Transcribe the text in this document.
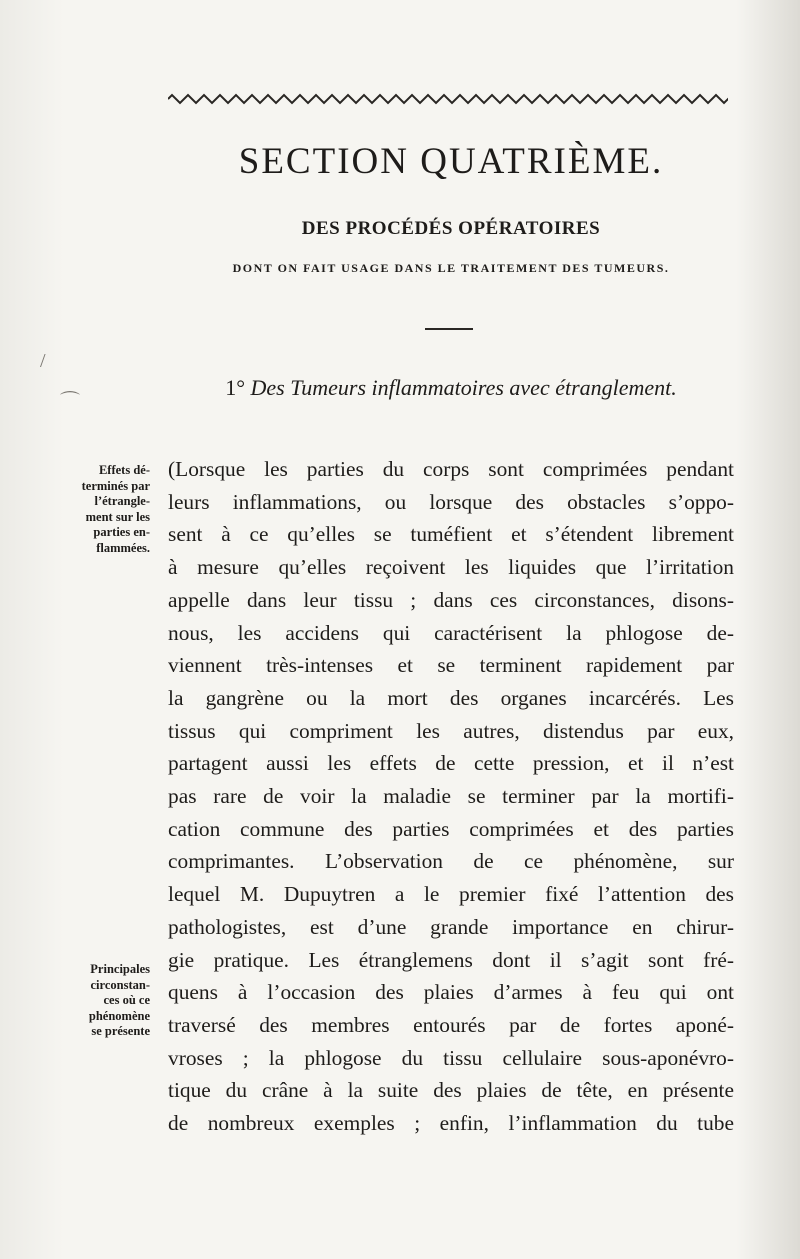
SECTION QUATRIÈME.
DES PROCÉDÉS OPÉRATOIRES
DONT ON FAIT USAGE DANS LE TRAITEMENT DES TUMEURS.
1° Des Tumeurs inflammatoires avec étranglement.
Effets dé-
terminés par
l’étrangle-
ment sur les
parties en-
flammées.
Principales
circonstan-
ces où ce
phénomène
se présente
(Lorsque les parties du corps sont comprimées pendant
leurs inflammations, ou lorsque des obstacles s’oppo-
sent à ce qu’elles se tuméfient et s’étendent librement
à mesure qu’elles reçoivent les liquides que l’irritation
appelle dans leur tissu ; dans ces circonstances, disons-
nous, les accidens qui caractérisent la phlogose de-
viennent très-intenses et se terminent rapidement par
la gangrène ou la mort des organes incarcérés. Les
tissus qui compriment les autres, distendus par eux,
partagent aussi les effets de cette pression, et il n’est
pas rare de voir la maladie se terminer par la mortifi-
cation commune des parties comprimées et des parties
comprimantes. L’observation de ce phénomène, sur
lequel M. Dupuytren a le premier fixé l’attention des
pathologistes, est d’une grande importance en chirur-
gie pratique. Les étranglemens dont il s’agit sont fré-
quens à l’occasion des plaies d’armes à feu qui ont
traversé des membres entourés par de fortes aponé-
vroses ; la phlogose du tissu cellulaire sous-aponévro-
tique du crâne à la suite des plaies de tête, en présente
de nombreux exemples ; enfin, l’inflammation du tube
/
⌒
